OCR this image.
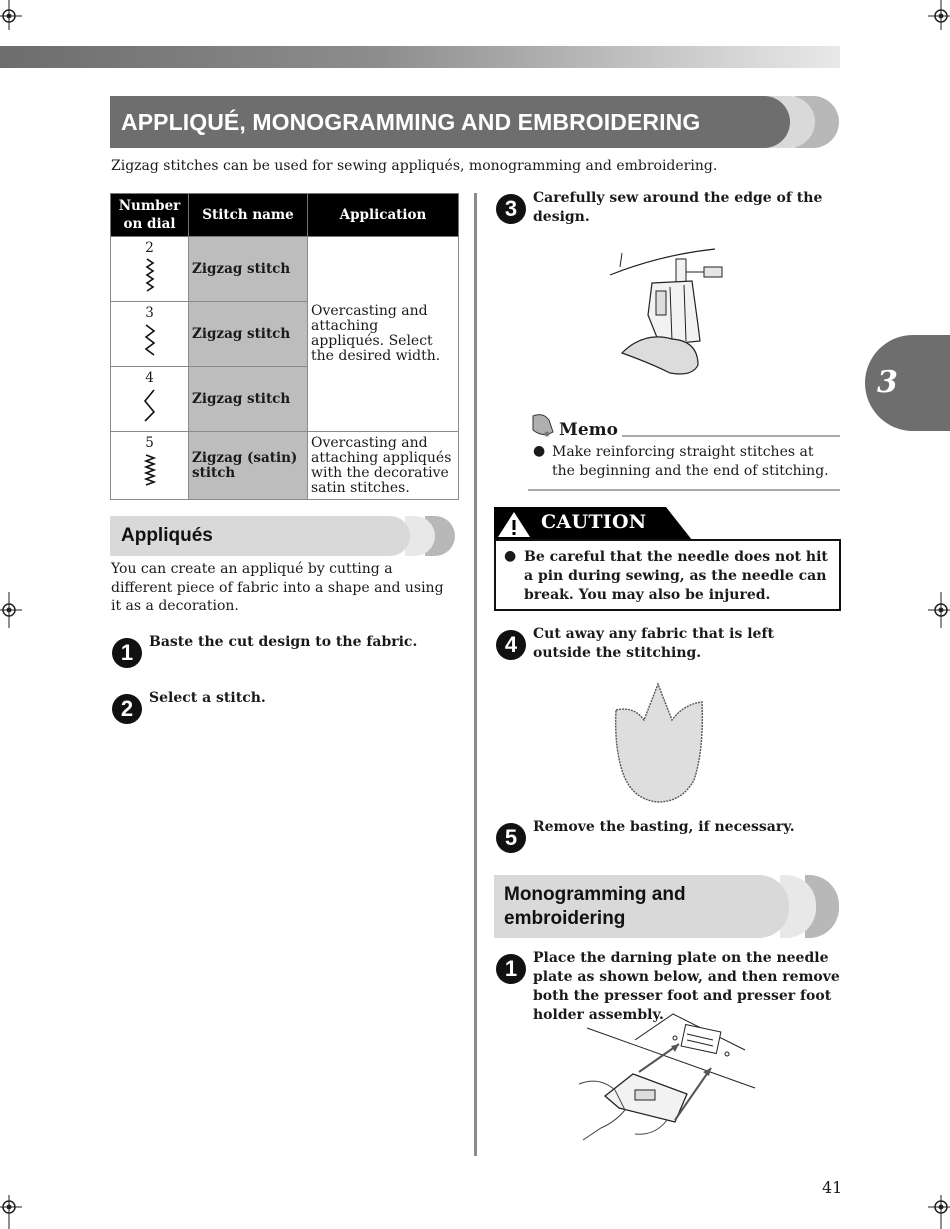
APPLIQUÉ, MONOGRAMMING AND EMBROIDERING
Zigzag stitches can be used for sewing appliqués, monogramming and embroidering.
Number on dial	Stitch name	Application

2	Zigzag stitch	Overcasting and attaching appliqués. Select the desired width.

3	Zigzag stitch	

4	Zigzag stitch	

5	Zigzag (satin) stitch	Overcasting and attaching appliqués with the decorative satin stitches.
Appliqués
You can create an appliqué by cutting a different piece of fabric into a shape and using it as a decoration.
1	Baste the cut design to the fabric.
2	Select a stitch.
3	Carefully sew around the edge of the design.
Memo
● Make reinforcing straight stitches at the beginning and the end of stitching.
CAUTION
● Be careful that the needle does not hit a pin during sewing, as the needle can break. You may also be injured.
4	Cut away any fabric that is left outside the stitching.
5	Remove the basting, if necessary.
Monogramming and embroidering
1	Place the darning plate on the needle plate as shown below, and then remove both the presser foot and presser foot holder assembly.
3
41
